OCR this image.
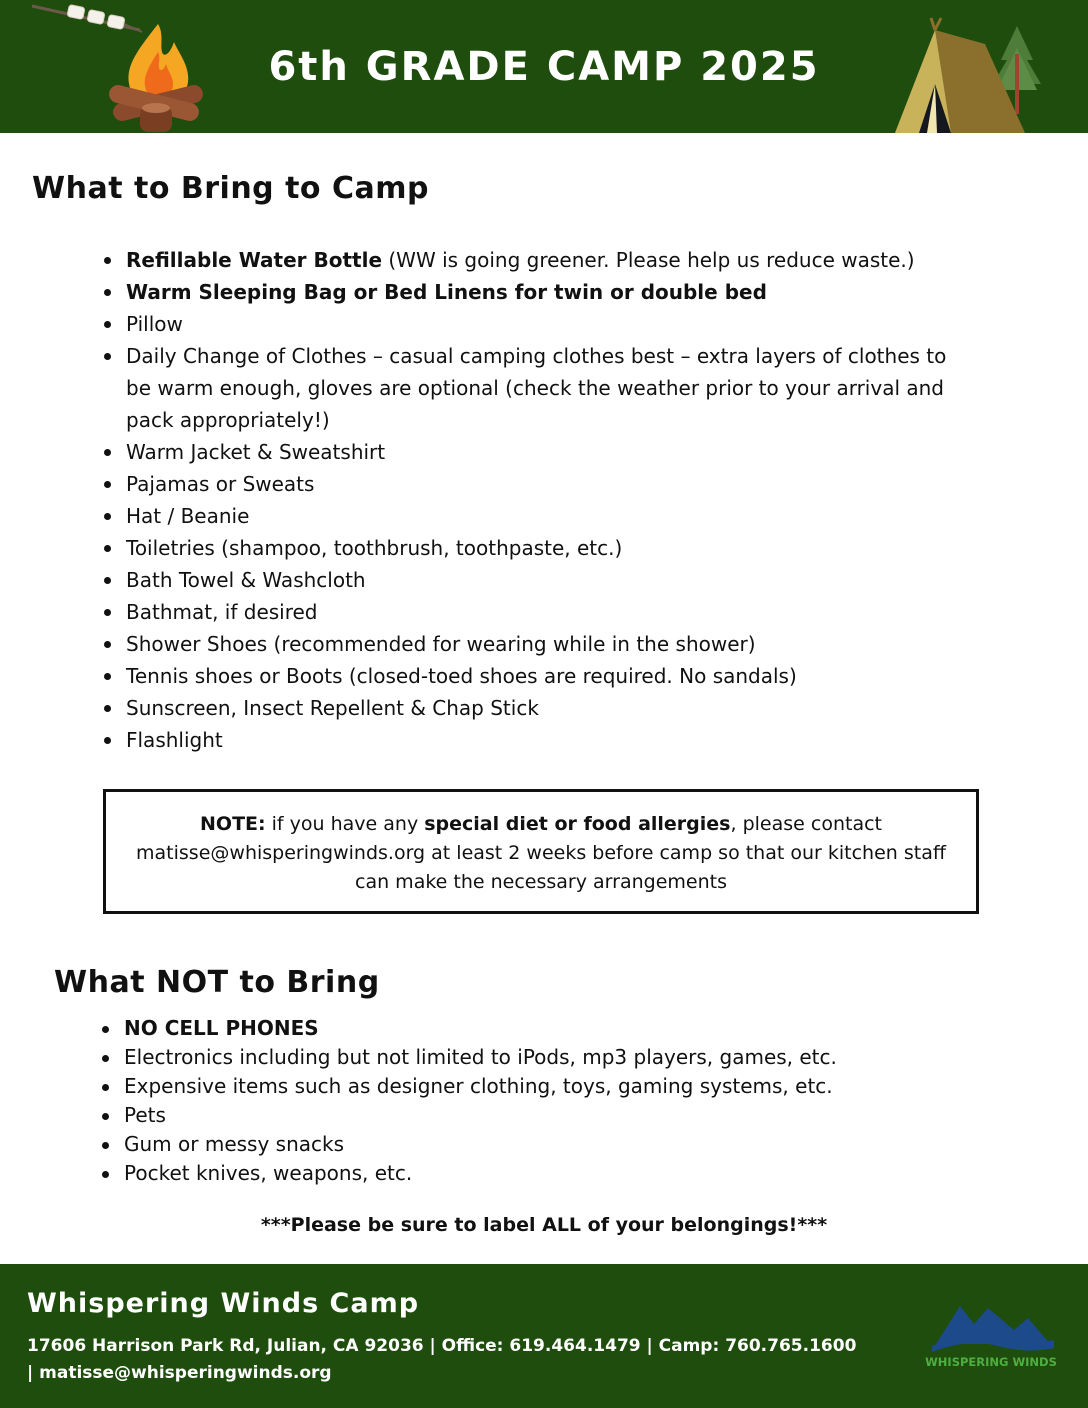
6th GRADE CAMP 2025
What to Bring to Camp
Refillable Water Bottle (WW is going greener. Please help us reduce waste.)
Warm Sleeping Bag or Bed Linens for twin or double bed
Pillow
Daily Change of Clothes – casual camping clothes best – extra layers of clothes to be warm enough, gloves are optional (check the weather prior to your arrival and pack appropriately!)
Warm Jacket & Sweatshirt
Pajamas or Sweats
Hat / Beanie
Toiletries (shampoo, toothbrush, toothpaste, etc.)
Bath Towel & Washcloth
Bathmat, if desired
Shower Shoes (recommended for wearing while in the shower)
Tennis shoes or Boots (closed-toed shoes are required. No sandals)
Sunscreen, Insect Repellent & Chap Stick
Flashlight
NOTE: if you have any special diet or food allergies, please contact matisse@whisperingwinds.org at least 2 weeks before camp so that our kitchen staff can make the necessary arrangements
What NOT to Bring
NO CELL PHONES
Electronics including but not limited to iPods, mp3 players, games, etc.
Expensive items such as designer clothing, toys, gaming systems, etc.
Pets
Gum or messy snacks
Pocket knives, weapons, etc.
***Please be sure to label ALL of your belongings!***
Whispering Winds Camp
17606 Harrison Park Rd, Julian, CA 92036 | Office: 619.464.1479 | Camp: 760.765.1600 | matisse@whisperingwinds.org
WHISPERING WINDS
